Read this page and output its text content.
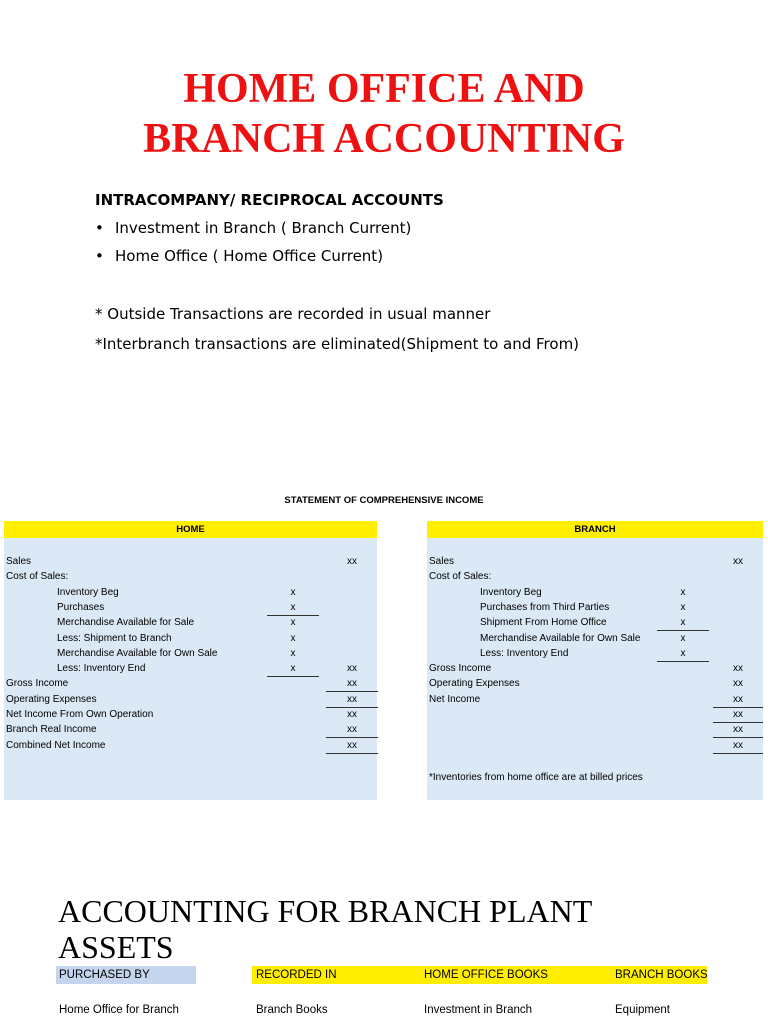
HOME OFFICE AND
BRANCH ACCOUNTING
INTRACOMPANY/ RECIPROCAL ACCOUNTS
• Investment in Branch ( Branch Current)
• Home Office ( Home Office Current)
* Outside Transactions are recorded in usual manner
*Interbranch transactions are eliminated(Shipment to and From)
STATEMENT OF COMPREHENSIVE INCOME
HOME
Sales	xx
Cost of Sales:
Inventory Beg	x
Purchases	x
Merchandise Available for Sale	x
Less: Shipment to Branch	x
Merchandise Available for Own Sale	x
Less: Inventory End	x	xx
Gross Income	xx
Operating Expenses	xx
Net Income From Own Operation	xx
Branch Real Income	xx
Combined Net Income	xx
BRANCH
*Inventories from home office are at billed prices
Sales	xx
Cost of Sales:
Inventory Beg	x
Purchases from Third Parties	x
Shipment From Home Office	x
Merchandise Available for Own Sale	x
Less: Inventory End	x
Gross Income	xx
Operating Expenses	xx
Net Income	xx
xx
xx
xx
ACCOUNTING FOR BRANCH PLANT
ASSETS
PURCHASED BY	RECORDED IN	HOME OFFICE BOOKS	BRANCH BOOKS
Home Office for Branch	Branch Books	Investment in Branch	Equipment
